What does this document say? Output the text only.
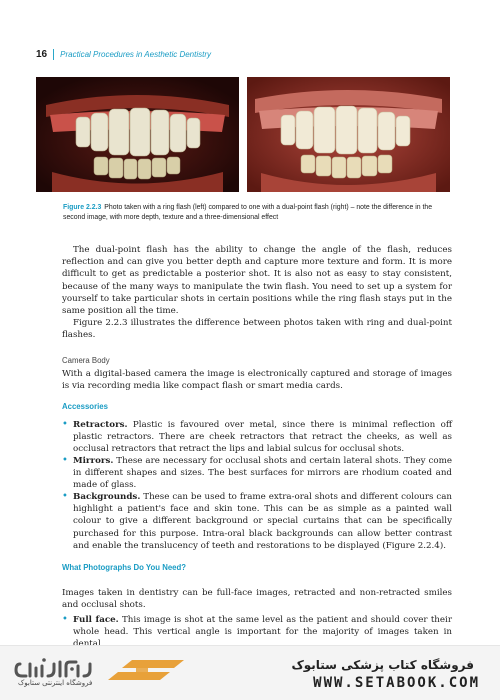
16 Practical Procedures in Aesthetic Dentistry
Figure 2.2.3 Photo taken with a ring flash (left) compared to one with a dual-point flash (right) – note the difference in the second image, with more depth, texture and a three-dimensional effect

The dual-point flash has the ability to change the angle of the flash, reduces reflection and can give you better depth and capture more texture and form. It is more difficult to get as predictable a posterior shot. It is also not as easy to stay consistent, because of the many ways to manipulate the twin flash. You need to set up a system for yourself to take particular shots in certain positions while the ring flash stays put in the same position all the time.

Figure 2.2.3 illustrates the difference between photos taken with ring and dual-point flashes.

Camera Body

With a digital-based camera the image is electronically captured and storage of images is via recording media like compact flash or smart media cards.

Accessories
• Retractors. Plastic is favoured over metal, since there is minimal reflection off plastic retractors. There are cheek retractors that retract the cheeks, as well as occlusal retractors that retract the lips and labial sulcus for occlusal shots.
• Mirrors. These are necessary for occlusal shots and certain lateral shots. They come in different shapes and sizes. The best surfaces for mirrors are rhodium coated and made of glass.
• Backgrounds. These can be used to frame extra-oral shots and different colours can highlight a patient's face and skin tone. This can be as simple as a painted wall colour to give a different background or special curtains that can be specifically purchased for this purpose. Intra-oral black backgrounds can allow better contrast and enable the translucency of teeth and restorations to be displayed (Figure 2.2.4).
What Photographs Do You Need?

Images taken in dentistry can be full-face images, retracted and non-retracted smiles and occlusal shots.

• Full face. This image is shot at the same level as the patient and should cover their whole head. This vertical angle is important for the majority of images taken in
فروشگاه اینترنتی ستابوک
فروشگاه کتاب پزشکی ستابوک
WWW.SETABOOK.COM
